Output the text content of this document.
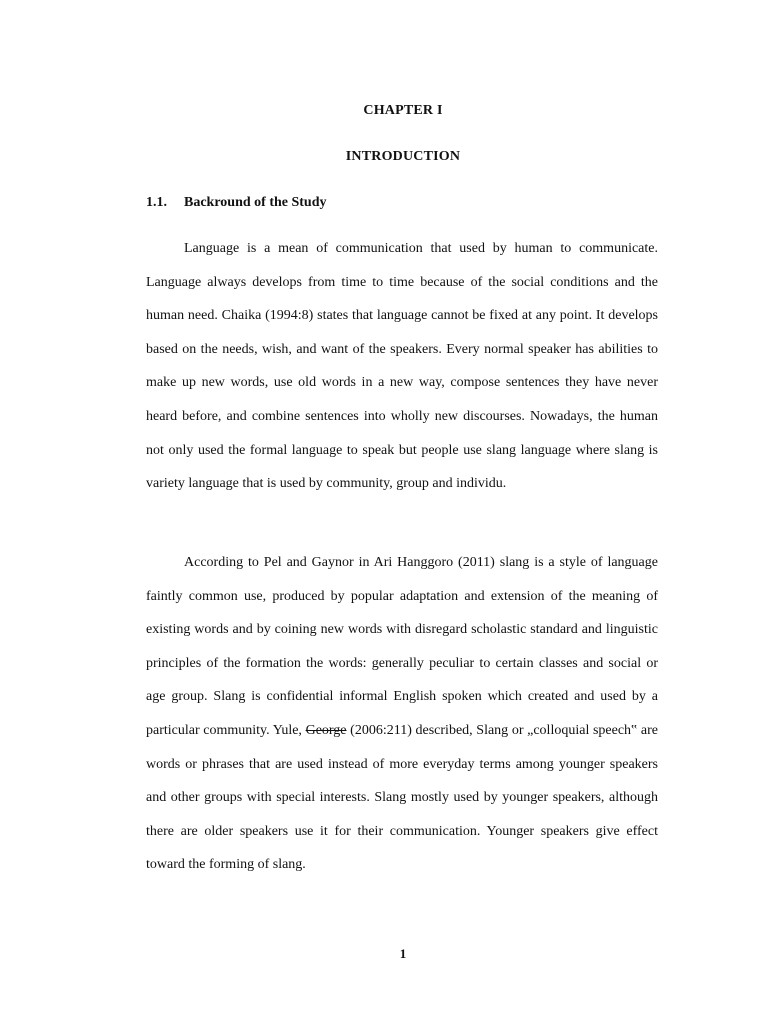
CHAPTER I
INTRODUCTION
1.1. Backround of the Study

Language is a mean of communication that used by human to communicate. Language always develops from time to time because of the social conditions and the human need. Chaika (1994:8) states that language cannot be fixed at any point. It develops based on the needs, wish, and want of the speakers. Every normal speaker has abilities to make up new words, use old words in a new way, compose sentences they have never heard before, and combine sentences into wholly new discourses. Nowadays, the human not only used the formal language to speak but people use slang language where slang is variety language that is used by community, group and individu.

According to Pel and Gaynor in Ari Hanggoro (2011) slang is a style of language faintly common use, produced by popular adaptation and extension of the meaning of existing words and by coining new words with disregard scholastic standard and linguistic principles of the formation the words: generally peculiar to certain classes and social or age group. Slang is confidential informal English spoken which created and used by a particular community. Yule, George (2006:211) described, Slang or „colloquial speech‟ are words or phrases that are used instead of more everyday terms among younger speakers and other groups with special interests. Slang mostly used by younger speakers, although there are older speakers use it for their communication. Younger speakers give effect toward the forming of slang.

1
